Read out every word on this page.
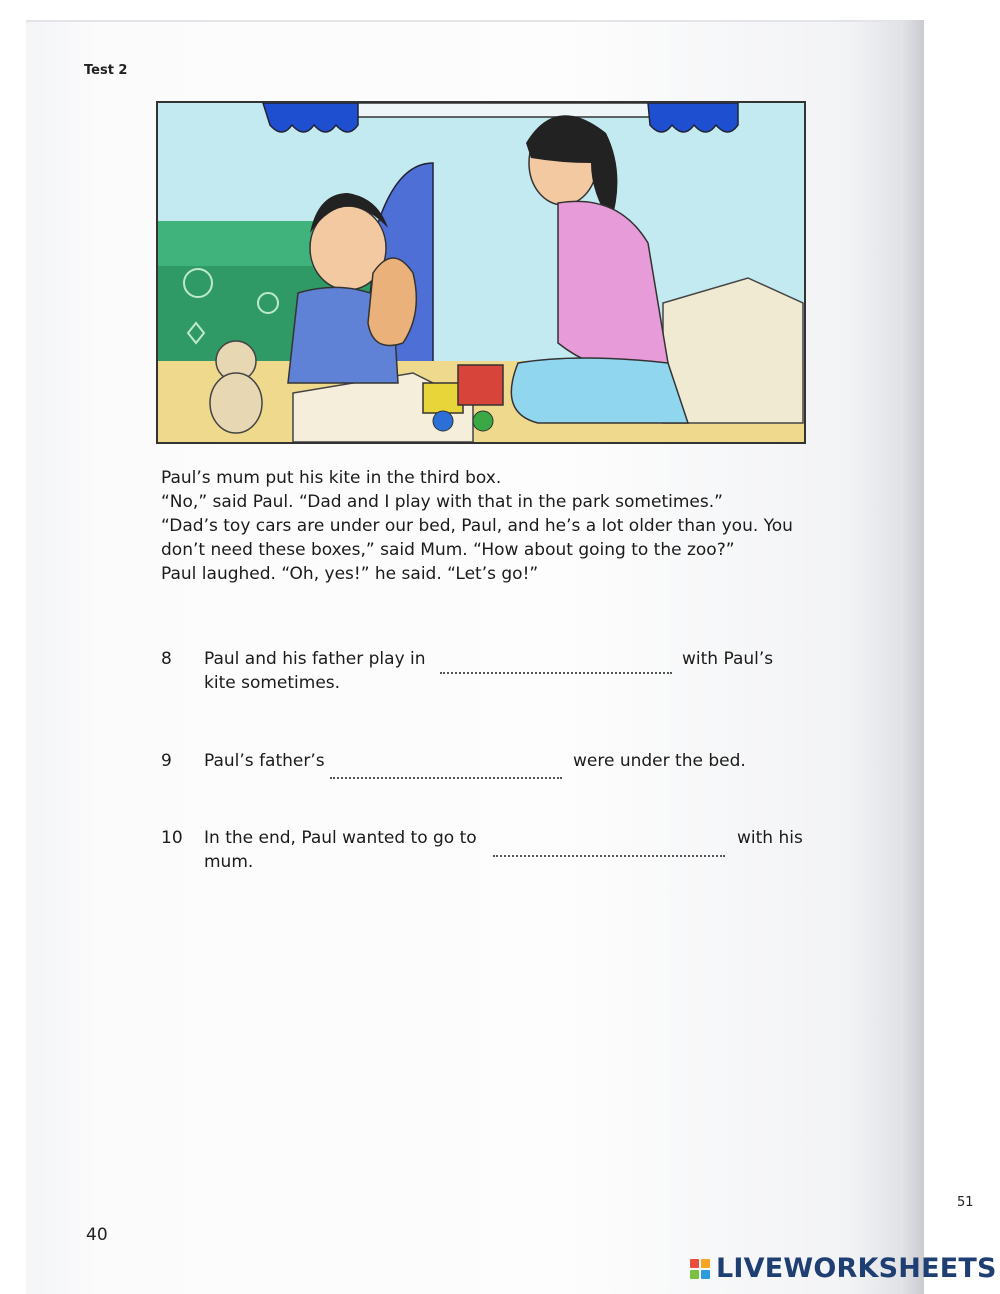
Test 2

Paul’s mum put his kite in the third box.

“No,” said Paul. “Dad and I play with that in the park sometimes.”

“Dad’s toy cars are under our bed, Paul, and he’s a lot older than you. You

don’t need these boxes,” said Mum. “How about going to the zoo?”

Paul laughed. “Oh, yes!” he said. “Let’s go!”

8 Paul and his father play in	with Paul’s
kite sometimes.
9 Paul’s father’s	were under the bed.
10 In the end, Paul wanted to go to	with his
mum.
51
40
LIVEWORKSHEETS
